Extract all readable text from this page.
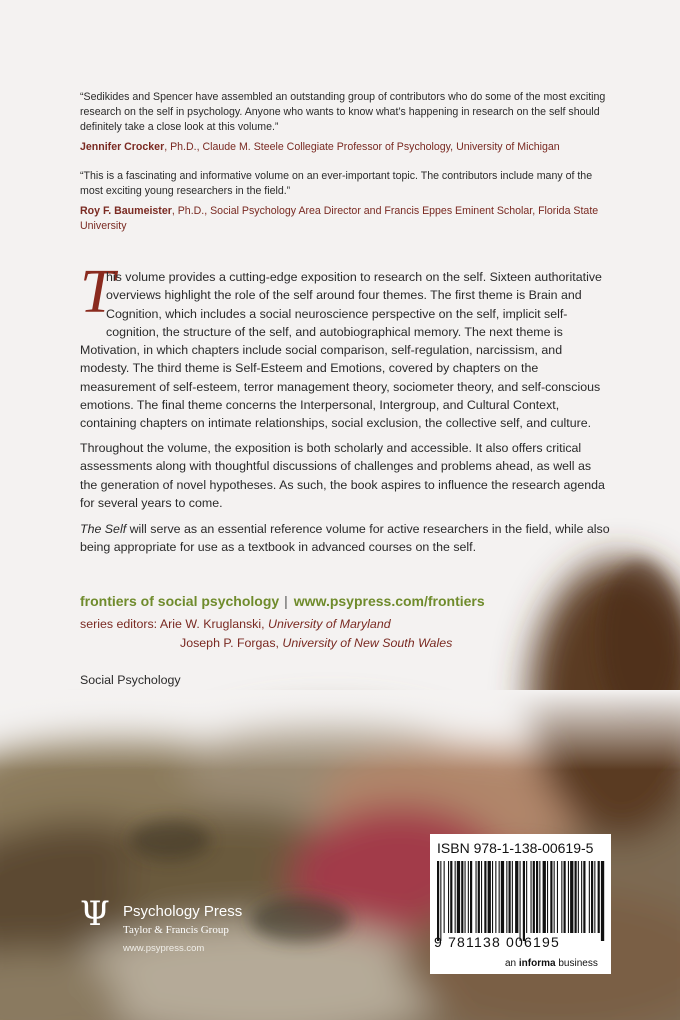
“Sedikides and Spencer have assembled an outstanding group of contributors who do some of the most exciting research on the self in psychology. Anyone who wants to know what’s happening in research on the self should definitely take a close look at this volume.”
Jennifer Crocker, Ph.D., Claude M. Steele Collegiate Professor of Psychology, University of Michigan
“This is a fascinating and informative volume on an ever-important topic. The contributors include many of the most exciting young researchers in the field.”
Roy F. Baumeister, Ph.D., Social Psychology Area Director and Francis Eppes Eminent Scholar, Florida State University
T
his volume provides a cutting-edge exposition to research on the self. Sixteen authoritative overviews highlight the role of the self around four themes. The first theme is Brain and Cognition, which includes a social neuroscience perspective on the self, implicit self-cognition, the structure of the self, and autobiographical memory. The next theme is Motivation, in which chapters include social comparison, self-regulation, narcissism, and modesty. The third theme is Self-Esteem and Emotions, covered by chapters on the measurement of self-esteem, terror management theory, sociometer theory, and self-conscious emotions. The final theme concerns the Interpersonal, Intergroup, and Cultural Context, containing chapters on intimate relationships, social exclusion, the collective self, and culture.
Throughout the volume, the exposition is both scholarly and accessible. It also offers critical assessments along with thoughtful discussions of challenges and problems ahead, as well as the generation of novel hypotheses. As such, the book aspires to influence the research agenda for several years to come.
The Self will serve as an essential reference volume for active researchers in the field, while also being appropriate for use as a textbook in advanced courses on the self.
frontiers of social psychology | www.psypress.com/frontiers
series editors: Arie W. Kruglanski, University of Maryland
Joseph P. Forgas, University of New South Wales
Social Psychology
Ψ Psychology Press
Taylor & Francis Group
www.psypress.com
ISBN 978-1-138-00619-5
9 781138 006195
an informa business
